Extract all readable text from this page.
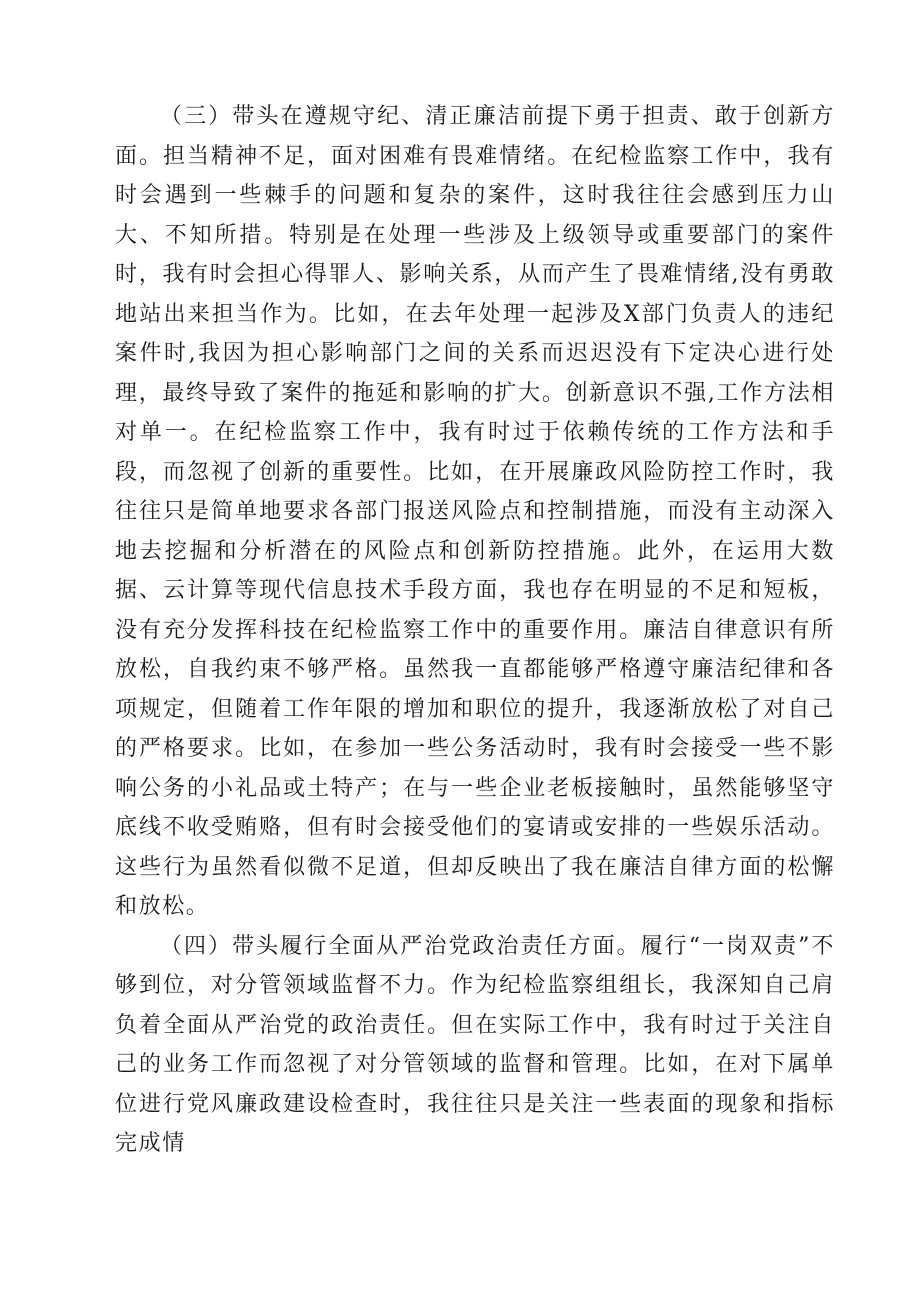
（三）带头在遵规守纪、清正廉洁前提下勇于担责、敢于创新方面。担当精神不足，面对困难有畏难情绪。在纪检监察工作中，我有时会遇到一些棘手的问题和复杂的案件，这时我往往会感到压力山大、不知所措。特别是在处理一些涉及上级领导或重要部门的案件时，我有时会担心得罪人、影响关系，从而产生了畏难情绪,没有勇敢地站出来担当作为。比如，在去年处理一起涉及X部门负责人的违纪案件时,我因为担心影响部门之间的关系而迟迟没有下定决心进行处理，最终导致了案件的拖延和影响的扩大。创新意识不强,工作方法相对单一。在纪检监察工作中，我有时过于依赖传统的工作方法和手段，而忽视了创新的重要性。比如，在开展廉政风险防控工作时，我往往只是简单地要求各部门报送风险点和控制措施，而没有主动深入地去挖掘和分析潜在的风险点和创新防控措施。此外，在运用大数据、云计算等现代信息技术手段方面，我也存在明显的不足和短板，没有充分发挥科技在纪检监察工作中的重要作用。廉洁自律意识有所放松，自我约束不够严格。虽然我一直都能够严格遵守廉洁纪律和各项规定，但随着工作年限的增加和职位的提升，我逐渐放松了对自己的严格要求。比如，在参加一些公务活动时，我有时会接受一些不影响公务的小礼品或土特产；在与一些企业老板接触时，虽然能够坚守底线不收受贿赂，但有时会接受他们的宴请或安排的一些娱乐活动。这些行为虽然看似微不足道，但却反映出了我在廉洁自律方面的松懈和放松。

（四）带头履行全面从严治党政治责任方面。履行“一岗双责”不够到位，对分管领域监督不力。作为纪检监察组组长，我深知自己肩负着全面从严治党的政治责任。但在实际工作中，我有时过于关注自己的业务工作而忽视了对分管领域的监督和管理。比如，在对下属单位进行党风廉政建设检查时，我往往只是关注一些表面的现象和指标完成情
